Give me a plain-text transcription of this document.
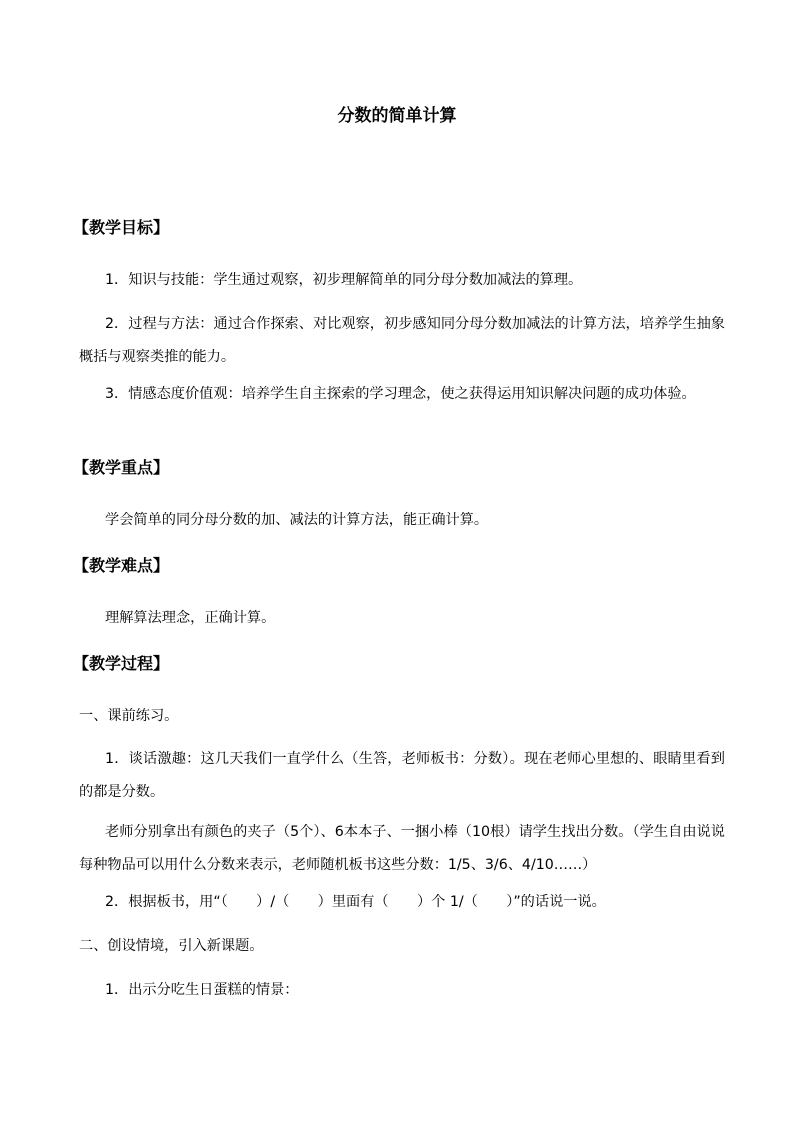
分数的简单计算
【教学目标】
1．知识与技能：学生通过观察，初步理解简单的同分母分数加减法的算理。
2．过程与方法：通过合作探索、对比观察，初步感知同分母分数加减法的计算方法，培养学生抽象概括与观察类推的能力。
3．情感态度价值观：培养学生自主探索的学习理念，使之获得运用知识解决问题的成功体验。
【教学重点】
学会简单的同分母分数的加、减法的计算方法，能正确计算。
【教学难点】
理解算法理念，正确计算。
【教学过程】
一、课前练习。
1．谈话激趣：这几天我们一直学什么（生答，老师板书：分数）。现在老师心里想的、眼睛里看到的都是分数。
老师分别拿出有颜色的夹子（5个）、6本本子、一捆小棒（10根）请学生找出分数。（学生自由说说每种物品可以用什么分数来表示，老师随机板书这些分数：1/5、3/6、4/10……）
2．根据板书，用“（　　）/（　　）里面有（　　）个 1/（　　）”的话说一说。
二、创设情境，引入新课题。
1．出示分吃生日蛋糕的情景：
